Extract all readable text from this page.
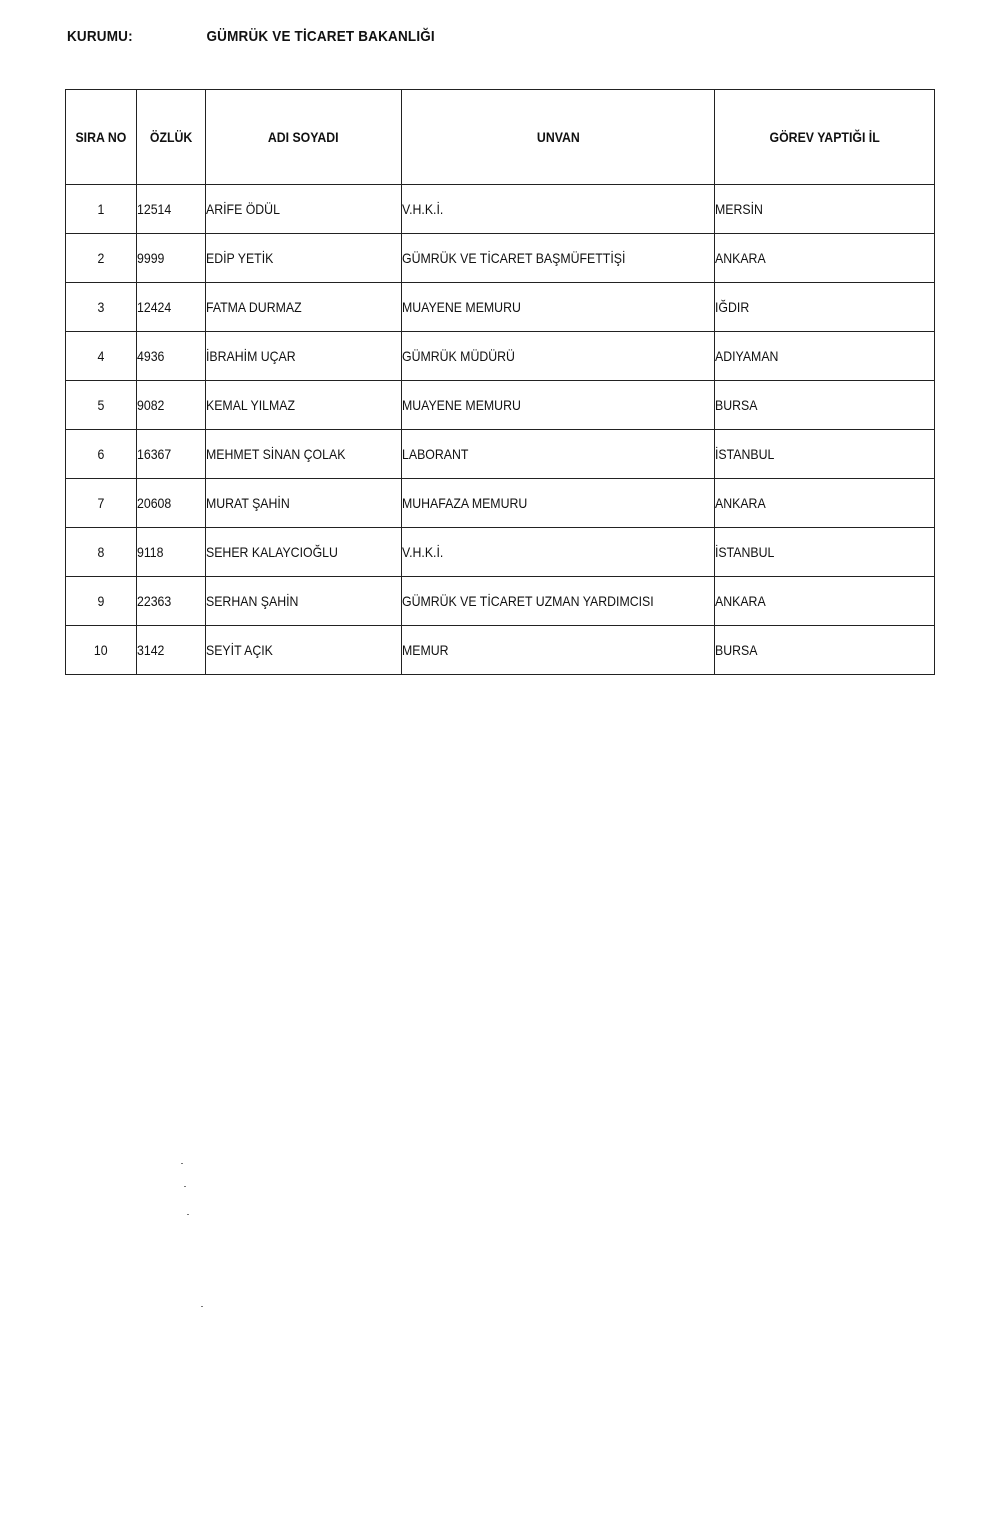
KURUMU:	GÜMRÜK VE TİCARET BAKANLIĞI
SIRA NO	ÖZLÜK	ADI SOYADI	UNVAN	GÖREV YAPTIĞI İL
1	12514	ARİFE ÖDÜL	V.H.K.İ.	MERSİN
2	9999	EDİP YETİK	GÜMRÜK VE TİCARET BAŞMÜFETTİŞİ	ANKARA
3	12424	FATMA DURMAZ	MUAYENE MEMURU	IĞDIR
4	4936	İBRAHİM UÇAR	GÜMRÜK MÜDÜRÜ	ADIYAMAN
5	9082	KEMAL YILMAZ	MUAYENE MEMURU	BURSA
6	16367	MEHMET SİNAN ÇOLAK	LABORANT	İSTANBUL
7	20608	MURAT ŞAHİN	MUHAFAZA MEMURU	ANKARA
8	9118	SEHER KALAYCIOĞLU	V.H.K.İ.	İSTANBUL
9	22363	SERHAN ŞAHİN	GÜMRÜK VE TİCARET UZMAN YARDIMCISI	ANKARA
10	3142	SEYİT AÇIK	MEMUR	BURSA
